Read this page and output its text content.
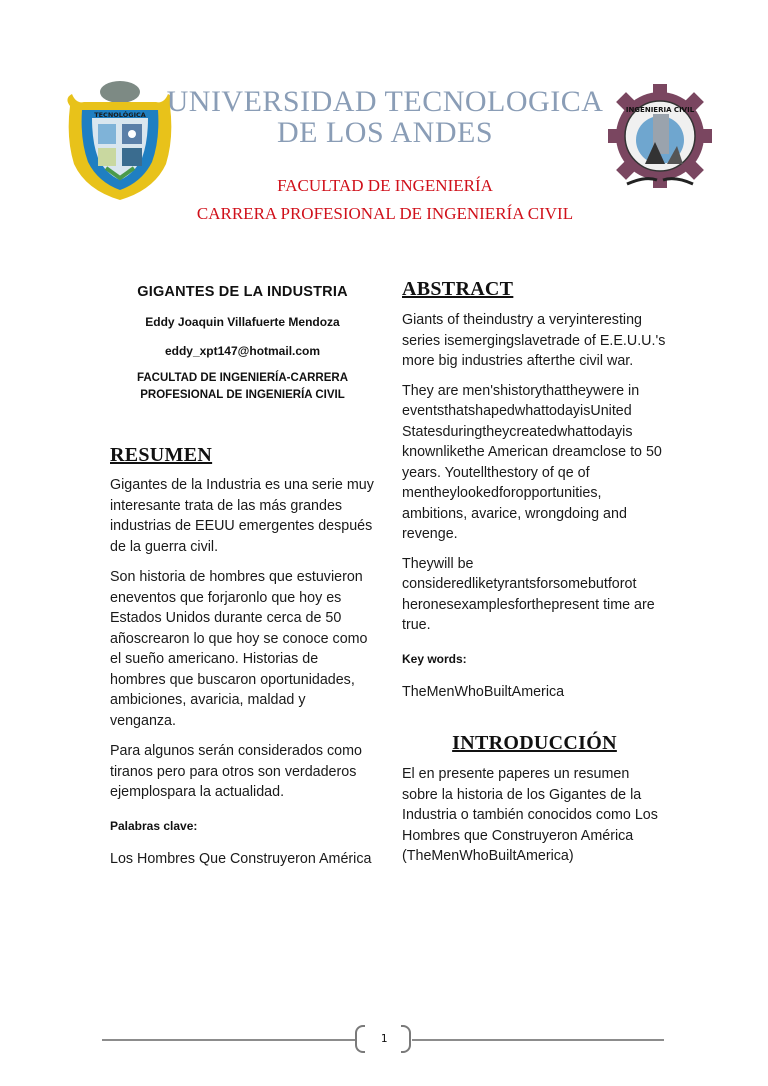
TECNOLÓGICA UNIVERSIDAD TECNOLOGICA
DE LOS ANDES
FACULTAD DE INGENIERÍA
CARRERA PROFESIONAL DE INGENIERÍA CIVIL
INGENIERIA CIVIL
GIGANTES DE LA INDUSTRIA
Eddy Joaquin Villafuerte Mendoza
eddy_xpt147@hotmail.com
FACULTAD DE INGENIERÍA-CARRERA PROFESIONAL DE INGENIERÍA CIVIL
RESUMEN

Gigantes de la Industria es una serie muy interesante trata de las más grandes industrias de EEUU emergentes después de la guerra civil.

Son historia de hombres que estuvieron eneventos que forjaronlo que hoy es Estados Unidos durante cerca de 50 añoscrearon lo que hoy se conoce como el sueño americano. Historias de hombres que buscaron oportunidades, ambiciones, avaricia, maldad y venganza.

Para algunos serán considerados como tiranos pero para otros son verdaderos ejemplospara la actualidad.

Palabras clave:

Los Hombres Que Construyeron América

ABSTRACT

Giants of theindustry a veryinteresting series isemergingslavetrade of E.E.U.U.'s more big industries afterthe civil war.

They are men'shistorythattheywere in eventsthatshapedwhattodayisUnited Statesduringtheycreatedwhattodayis knownlikethe American dreamclose to 50 years. Youtellthestory of qe of mentheylookedforopportunities, ambitions, avarice, wrongdoing and revenge.

Theywill be consideredliketyrantsforsomebutforot heronesexamplesforthepresent time are true.

Key words:

TheMenWhoBuiltAmerica

INTRODUCCIÓN

El en presente paperes un resumen sobre la historia de los Gigantes de la Industria o también conocidos como Los Hombres que Construyeron América (TheMenWhoBuiltAmerica)

1
